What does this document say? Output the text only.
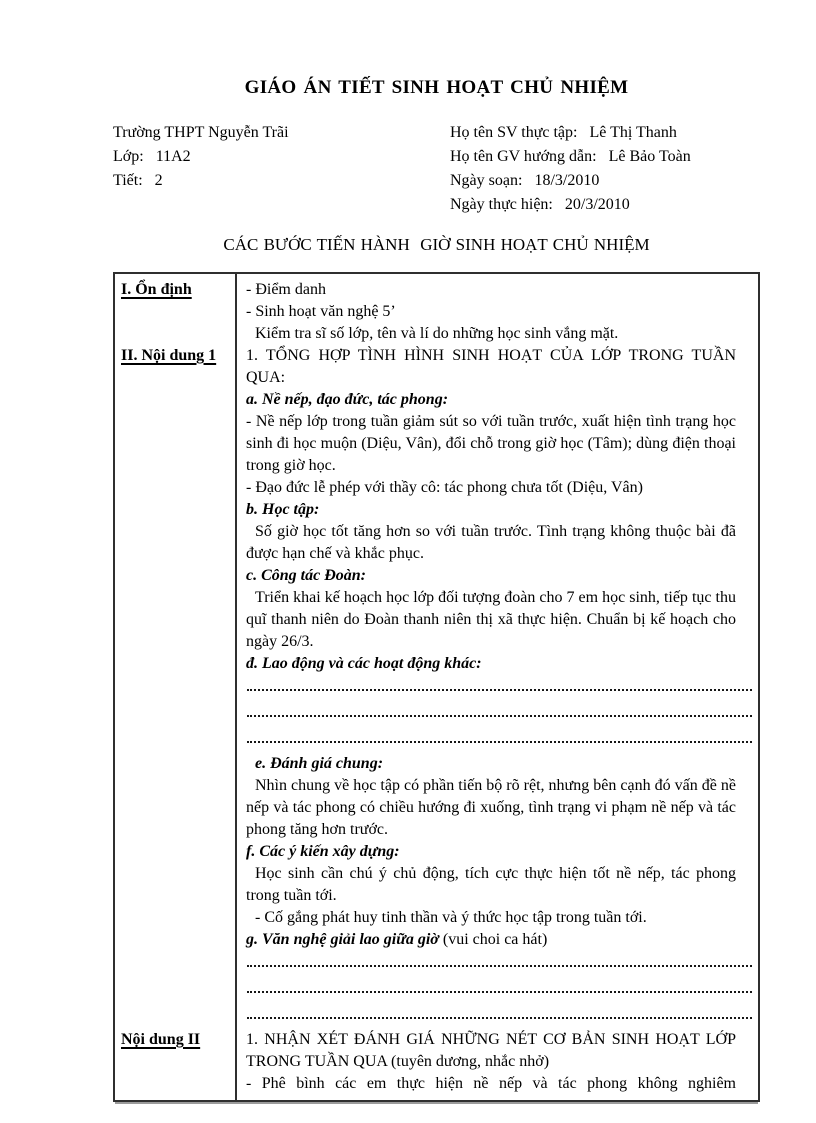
GIÁO ÁN TIẾT SINH HOẠT CHỦ NHIỆM
Trường THPT Nguyễn Trãi
Lớp: 11A2
Tiết: 2
Họ tên SV thực tập: Lê Thị Thanh
Họ tên GV hướng dẫn: Lê Bảo Toàn
Ngày soạn: 18/3/2010
Ngày thực hiện: 20/3/2010
CÁC BƯỚC TIẾN HÀNH  GIỜ SINH HOẠT CHỦ NHIỆM
I. Ổn định
II. Nội dung 1
Nội dung II
- Điểm danh
- Sinh hoạt văn nghệ 5’
Kiểm tra sĩ số lớp, tên và lí do những học sinh vắng mặt.
1. TỔNG HỢP TÌNH HÌNH SINH HOẠT CỦA LỚP TRONG TUẦN QUA:
a. Nề nếp, đạo đức, tác phong:
- Nề nếp lớp trong tuần giảm sút so với tuần trước, xuất hiện tình trạng học sinh đi học muộn (Diệu, Vân), đổi chỗ trong giờ học (Tâm); dùng điện thoại trong giờ học.
- Đạo đức lễ phép với thầy cô: tác phong chưa tốt (Diệu, Vân)
b. Học tập:
Số giờ học tốt tăng hơn so với tuần trước. Tình trạng không thuộc bài đã được hạn chế và khắc phục.
c. Công tác Đoàn:
Triển khai kế hoạch học lớp đối tượng đoàn cho 7 em học sinh, tiếp tục thu quĩ thanh niên do Đoàn thanh niên thị xã thực hiện. Chuẩn bị kế hoạch cho ngày 26/3.
đ. Lao động và các hoạt động khác:
e. Đánh giá chung:
Nhìn chung về học tập có phần tiến bộ rõ rệt, nhưng bên cạnh đó vấn đề nề nếp và tác phong có chiều hướng đi xuống, tình trạng vi phạm nề nếp và tác phong tăng hơn trước.
f. Các ý kiến xây dựng:
Học sinh cần chú ý chủ động, tích cực thực hiện tốt nề nếp, tác phong trong tuần tới.
- Cố gắng phát huy tinh thần và ý thức học tập trong tuần tới.
g. Văn nghệ giải lao giữa giờ (vui choi ca hát)
1. NHẬN XÉT ĐÁNH GIÁ NHỮNG NÉT CƠ BẢN SINH HOẠT LỚP TRONG TUẦN QUA (tuyên dương, nhắc nhở)
- Phê bình các em thực hiện nề nếp và tác phong không nghiêm
